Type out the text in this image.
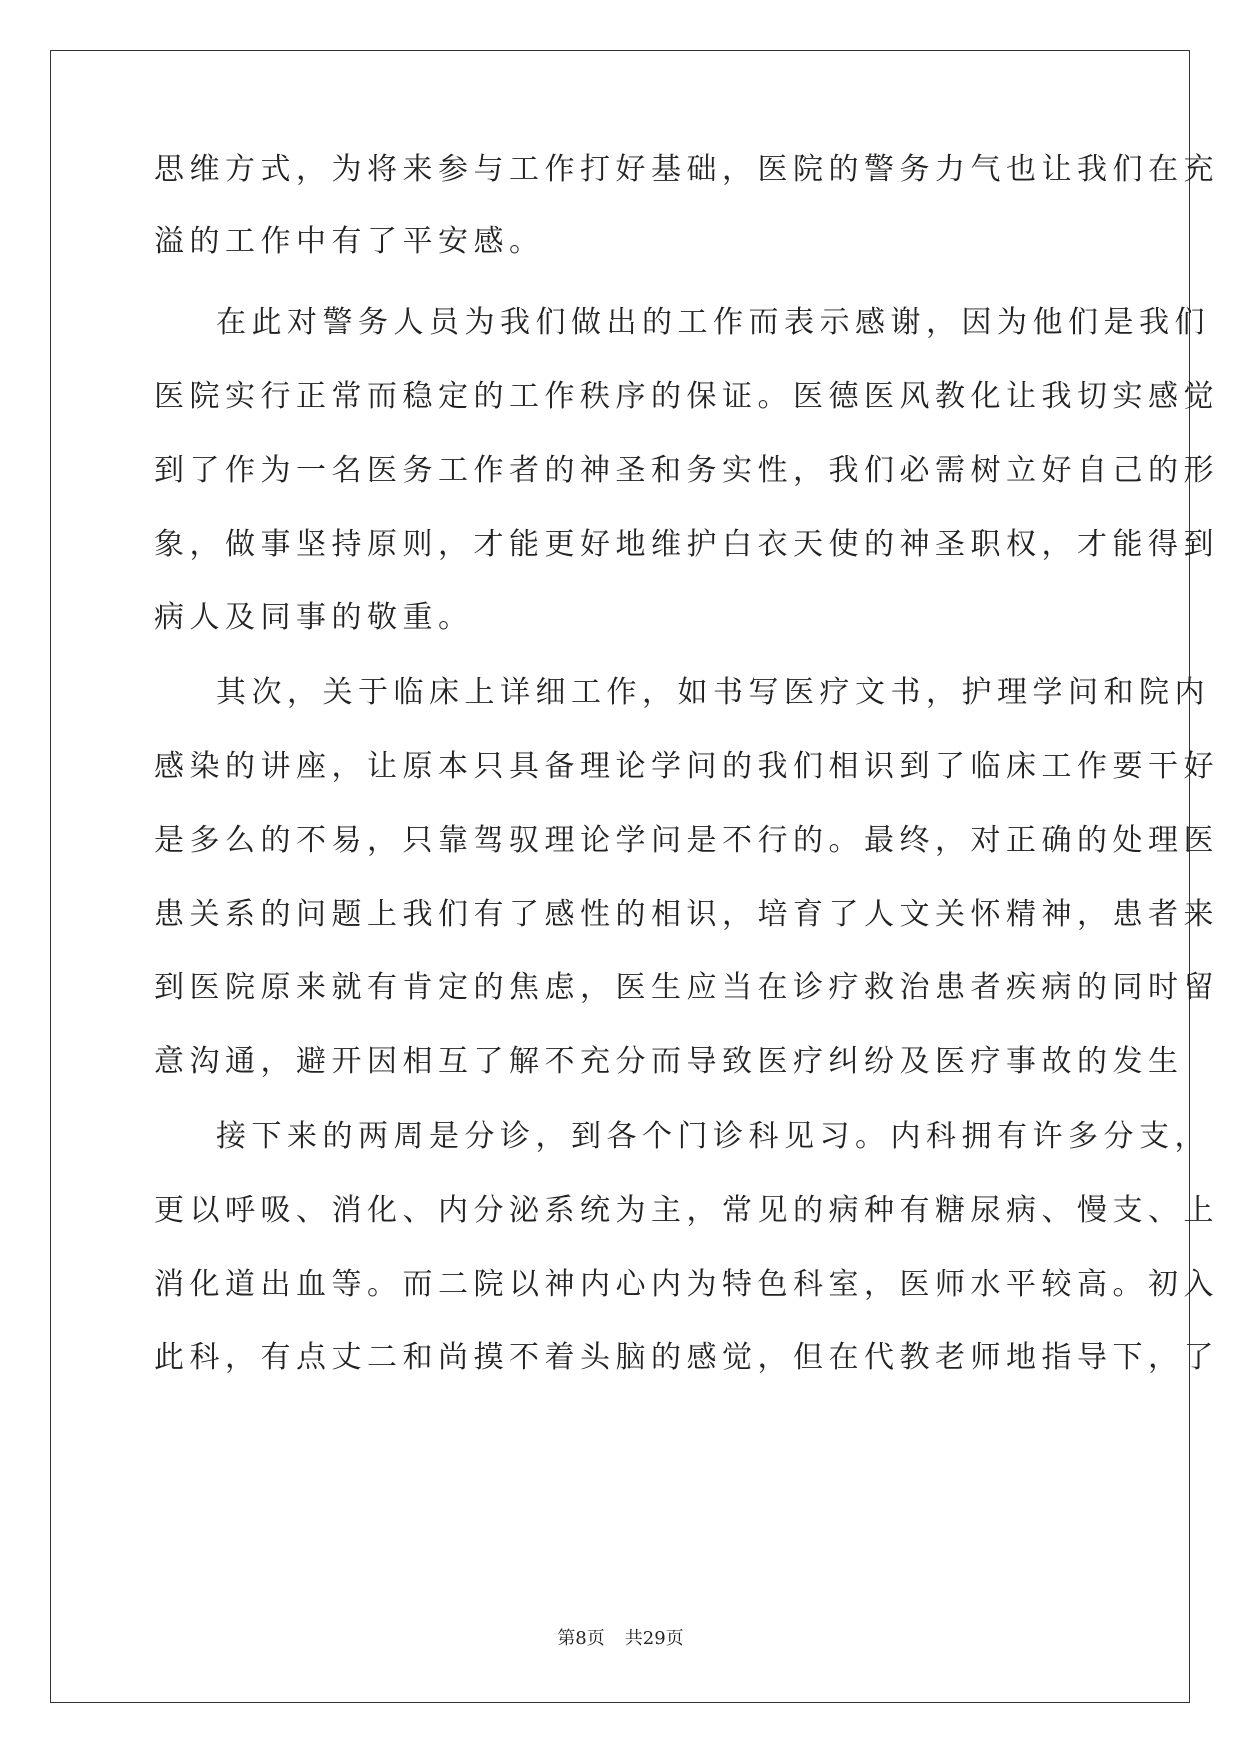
思维方式，为将来参与工作打好基础，医院的警务力气也让我们在充
溢的工作中有了平安感。
在此对警务人员为我们做出的工作而表示感谢，因为他们是我们
医院实行正常而稳定的工作秩序的保证。医德医风教化让我切实感觉
到了作为一名医务工作者的神圣和务实性，我们必需树立好自己的形
象，做事坚持原则，才能更好地维护白衣天使的神圣职权，才能得到
病人及同事的敬重。
其次，关于临床上详细工作，如书写医疗文书，护理学问和院内
感染的讲座，让原本只具备理论学问的我们相识到了临床工作要干好
是多么的不易，只靠驾驭理论学问是不行的。最终，对正确的处理医
患关系的问题上我们有了感性的相识，培育了人文关怀精神，患者来
到医院原来就有肯定的焦虑，医生应当在诊疗救治患者疾病的同时留
意沟通，避开因相互了解不充分而导致医疗纠纷及医疗事故的发生
接下来的两周是分诊，到各个门诊科见习。内科拥有许多分支，
更以呼吸、消化、内分泌系统为主，常见的病种有糖尿病、慢支、上
消化道出血等。而二院以神内心内为特色科室，医师水平较高。初入
此科，有点丈二和尚摸不着头脑的感觉，但在代教老师地指导下，了
第8页 共29页
